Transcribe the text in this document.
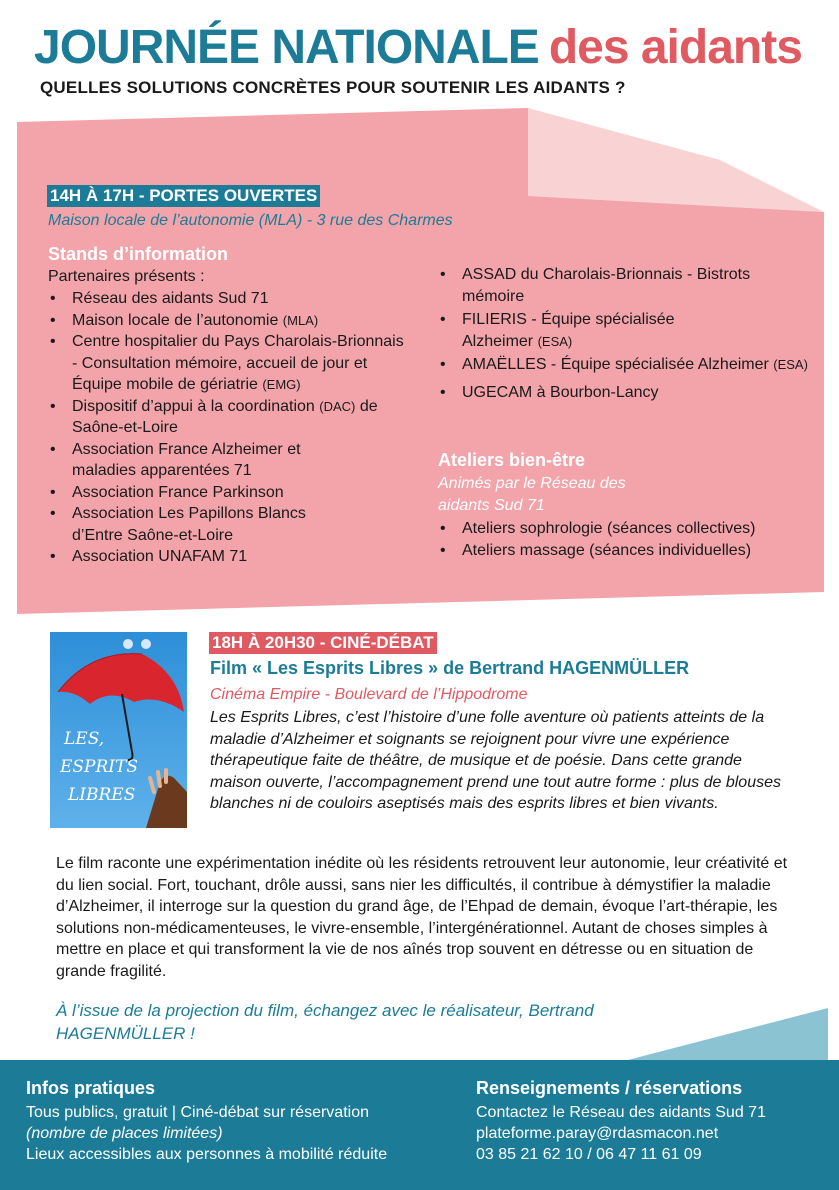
JOURNÉE NATIONALE des aidants
QUELLES SOLUTIONS CONCRÈTES POUR SOUTENIR LES AIDANTS ?
14H À 17H - PORTES OUVERTES
Maison locale de l’autonomie (MLA) - 3 rue des Charmes
Stands d’information
Partenaires présents :
• Réseau des aidants Sud 71
• Maison locale de l’autonomie (MLA)
• Centre hospitalier du Pays Charolais-Brionnais - Consultation mémoire, accueil de jour et Équipe mobile de gériatrie (EMG)
• Dispositif d’appui à la coordination (DAC) de Saône-et-Loire
• Association France Alzheimer et maladies apparentées 71
• Association France Parkinson
• Association Les Papillons Blancs d’Entre Saône-et-Loire
• Association UNAFAM 71
• ASSAD du Charolais-Brionnais - Bistrots mémoire
• FILIERIS - Équipe spécialisée Alzheimer (ESA)
• AMAËLLES - Équipe spécialisée Alzheimer (ESA)
• UGECAM à Bourbon-Lancy
Ateliers bien-être
Animés par le Réseau des aidants Sud 71
• Ateliers sophrologie (séances collectives)
• Ateliers massage (séances individuelles)
LES,
ESPRITS
LIBRES
18H À 20H30 - CINÉ-DÉBAT
Film « Les Esprits Libres » de Bertrand HAGENMÜLLER
Cinéma Empire - Boulevard de l’Hippodrome
Les Esprits Libres, c’est l’histoire d’une folle aventure où patients atteints de la maladie d’Alzheimer et soignants se rejoignent pour vivre une expérience thérapeutique faite de théâtre, de musique et de poésie. Dans cette grande maison ouverte, l’accompagnement prend une tout autre forme : plus de blouses blanches ni de couloirs aseptisés mais des esprits libres et bien vivants.
Le film raconte une expérimentation inédite où les résidents retrouvent leur autonomie, leur créativité et du lien social. Fort, touchant, drôle aussi, sans nier les difficultés, il contribue à démystifier la maladie d’Alzheimer, il interroge sur la question du grand âge, de l’Ehpad de demain, évoque l’art-thérapie, les solutions non-médicamenteuses, le vivre-ensemble, l’intergénérationnel. Autant de choses simples à mettre en place et qui transforment la vie de nos aînés trop souvent en détresse ou en situation de grande fragilité.
À l’issue de la projection du film, échangez avec le réalisateur, Bertrand HAGENMÜLLER !
Infos pratiques
Tous publics, gratuit | Ciné-débat sur réservation
(nombre de places limitées)
Lieux accessibles aux personnes à mobilité réduite
Renseignements / réservations
Contactez le Réseau des aidants Sud 71
plateforme.paray@rdasmacon.net
03 85 21 62 10 / 06 47 11 61 09
